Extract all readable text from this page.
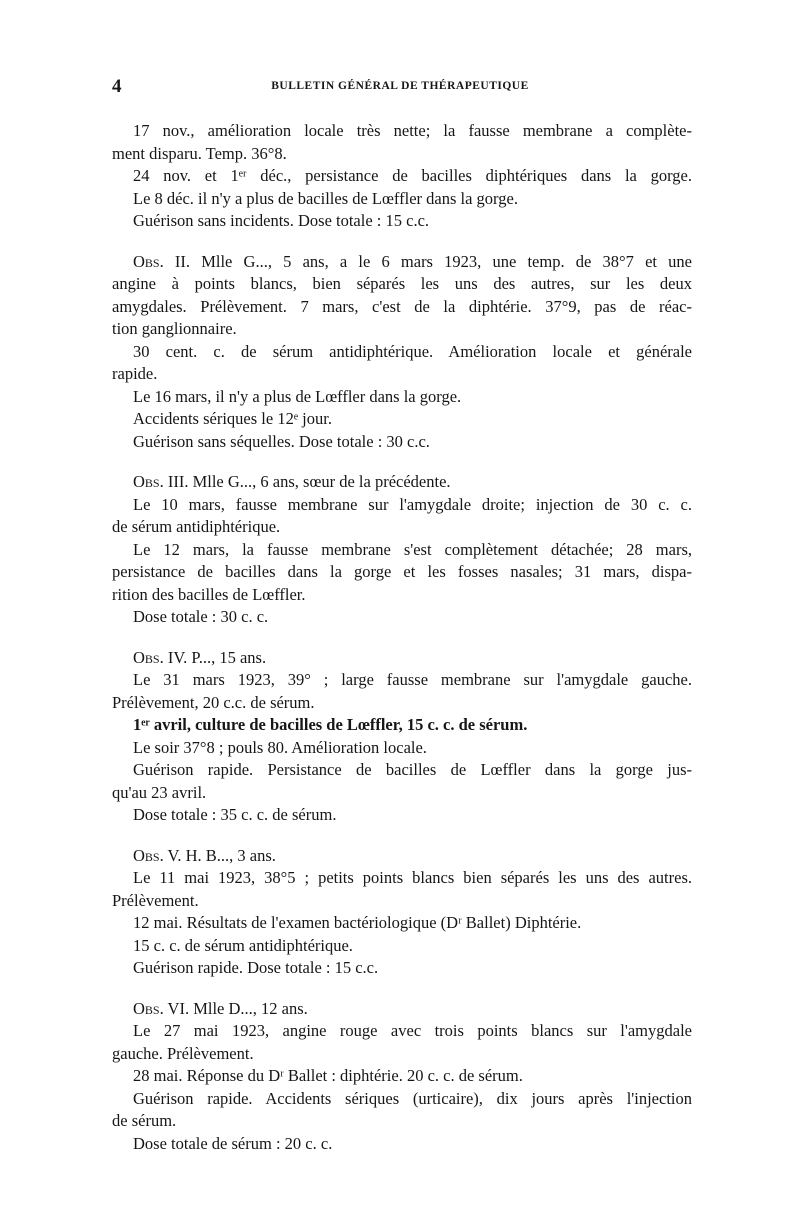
4	BULLETIN GÉNÉRAL DE THÉRAPEUTIQUE
17 nov., amélioration locale très nette; la fausse membrane a complète-
ment disparu. Temp. 36°8.
24 nov. et 1ᵉʳ déc., persistance de bacilles diphtériques dans la gorge.
Le 8 déc. il n'y a plus de bacilles de Lœffler dans la gorge.
Guérison sans incidents. Dose totale : 15 c.c.
Obs. II. Mlle G..., 5 ans, a le 6 mars 1923, une temp. de 38°7 et une
angine à points blancs, bien séparés les uns des autres, sur les deux
amygdales. Prélèvement. 7 mars, c'est de la diphtérie. 37°9, pas de réac-
tion ganglionnaire.
30 cent. c. de sérum antidiphtérique. Amélioration locale et générale
rapide.
Le 16 mars, il n'y a plus de Lœffler dans la gorge.
Accidents sériques le 12ᵉ jour.
Guérison sans séquelles. Dose totale : 30 c.c.
Obs. III. Mlle G..., 6 ans, sœur de la précédente.
Le 10 mars, fausse membrane sur l'amygdale droite; injection de 30 c. c.
de sérum antidiphtérique.
Le 12 mars, la fausse membrane s'est complètement détachée; 28 mars,
persistance de bacilles dans la gorge et les fosses nasales; 31 mars, dispa-
rition des bacilles de Lœffler.
Dose totale : 30 c. c.
Obs. IV. P..., 15 ans.
Le 31 mars 1923, 39° ; large fausse membrane sur l'amygdale gauche.
Prélèvement, 20 c.c. de sérum.
1ᵉʳ avril, culture de bacilles de Lœffler, 15 c. c. de sérum.
Le soir 37°8 ; pouls 80. Amélioration locale.
Guérison rapide. Persistance de bacilles de Lœffler dans la gorge jus-
qu'au 23 avril.
Dose totale : 35 c. c. de sérum.
Obs. V. H. B..., 3 ans.
Le 11 mai 1923, 38°5 ; petits points blancs bien séparés les uns des autres.
Prélèvement.
12 mai. Résultats de l'examen bactériologique (Dʳ Ballet) Diphtérie.
15 c. c. de sérum antidiphtérique.
Guérison rapide. Dose totale : 15 c.c.
Obs. VI. Mlle D..., 12 ans.
Le 27 mai 1923, angine rouge avec trois points blancs sur l'amygdale
gauche. Prélèvement.
28 mai. Réponse du Dʳ Ballet : diphtérie. 20 c. c. de sérum.
Guérison rapide. Accidents sériques (urticaire), dix jours après l'injection
de sérum.
Dose totale de sérum : 20 c. c.
